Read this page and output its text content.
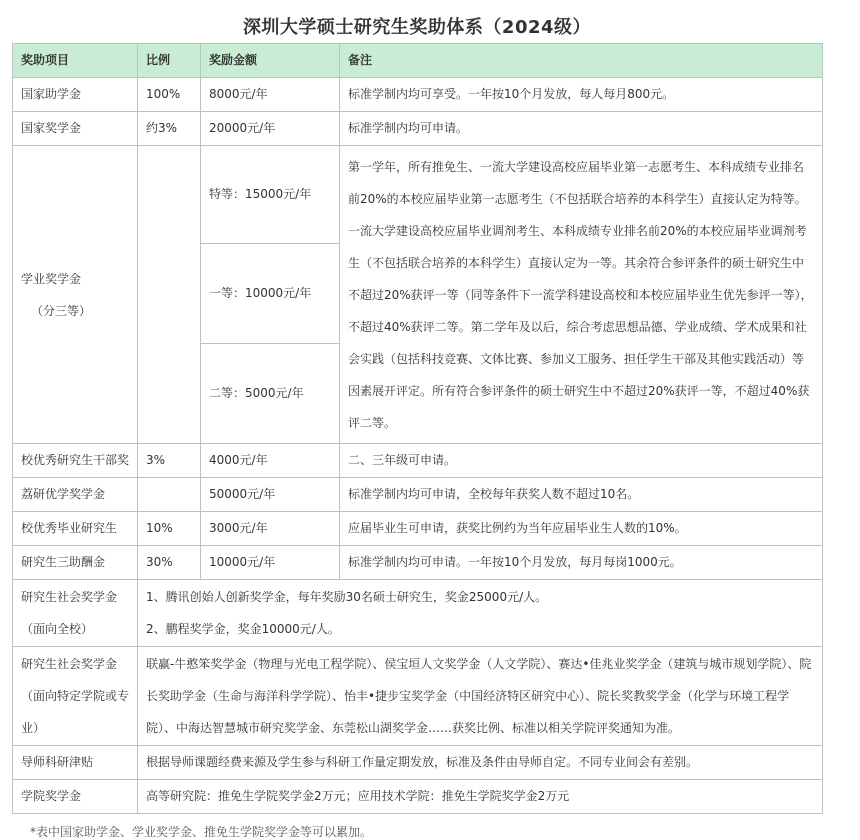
深圳大学硕士研究生奖助体系（2024级）
奖助项目	比例	奖励金额	备注
国家助学金	100%	8000元/年	标准学制内均可享受。一年按10个月发放，每人每月800元。
国家奖学金	约3%	20000元/年	标准学制内均可申请。

学业奖学金
（分三等）		特等：15000元/年	第一学年，所有推免生、一流大学建设高校应届毕业第一志愿考生、本科成绩专业排名前20%的本校应届毕业第一志愿考生（不包括联合培养的本科学生）直接认定为特等。一流大学建设高校应届毕业调剂考生、本科成绩专业排名前20%的本校应届毕业调剂考生（不包括联合培养的本科学生）直接认定为一等。其余符合参评条件的硕士研究生中不超过20%获评一等（同等条件下一流学科建设高校和本校应届毕业生优先参评一等），不超过40%获评二等。第二学年及以后，综合考虑思想品德、学业成绩、学术成果和社会实践（包括科技竞赛、文体比赛、参加义工服务、担任学生干部及其他实践活动）等因素展开评定。所有符合参评条件的硕士研究生中不超过20%获评一等，不超过40%获评二等。
		一等：10000元/年	
		二等：5000元/年	
校优秀研究生干部奖	3%	4000元/年	二、三年级可申请。
荔研优学奖学金		50000元/年	标准学制内均可申请，全校每年获奖人数不超过10名。
校优秀毕业研究生	10%	3000元/年	应届毕业生可申请，获奖比例约为当年应届毕业生人数的10%。
研究生三助酬金	30%	10000元/年	标准学制内均可申请。一年按10个月发放，每月每岗1000元。

研究生社会奖学金
（面向全校）	1、腾讯创始人创新奖学金，每年奖励30名硕士研究生，奖金25000元/人。
2、鹏程奖学金，奖金10000元/人。		

研究生社会奖学金
（面向特定学院或专业）	联赢-牛憨笨奖学金（物理与光电工程学院）、侯宝垣人文奖学金（人文学院）、赛达•佳兆业奖学金（建筑与城市规划学院）、院长奖助学金（生命与海洋科学学院）、怡丰•捷步宝奖学金（中国经济特区研究中心）、院长奖教奖学金（化学与环境工程学院）、中海达智慧城市研究奖学金、东莞松山湖奖学金……获奖比例、标准以相关学院评奖通知为准。		
导师科研津贴	根据导师课题经费来源及学生参与科研工作量定期发放，标准及条件由导师自定。不同专业间会有差别。		
学院奖学金	高等研究院：推免生学院奖学金2万元；应用技术学院：推免生学院奖学金2万元		
*表中国家助学金、学业奖学金、推免生学院奖学金等可以累加。
